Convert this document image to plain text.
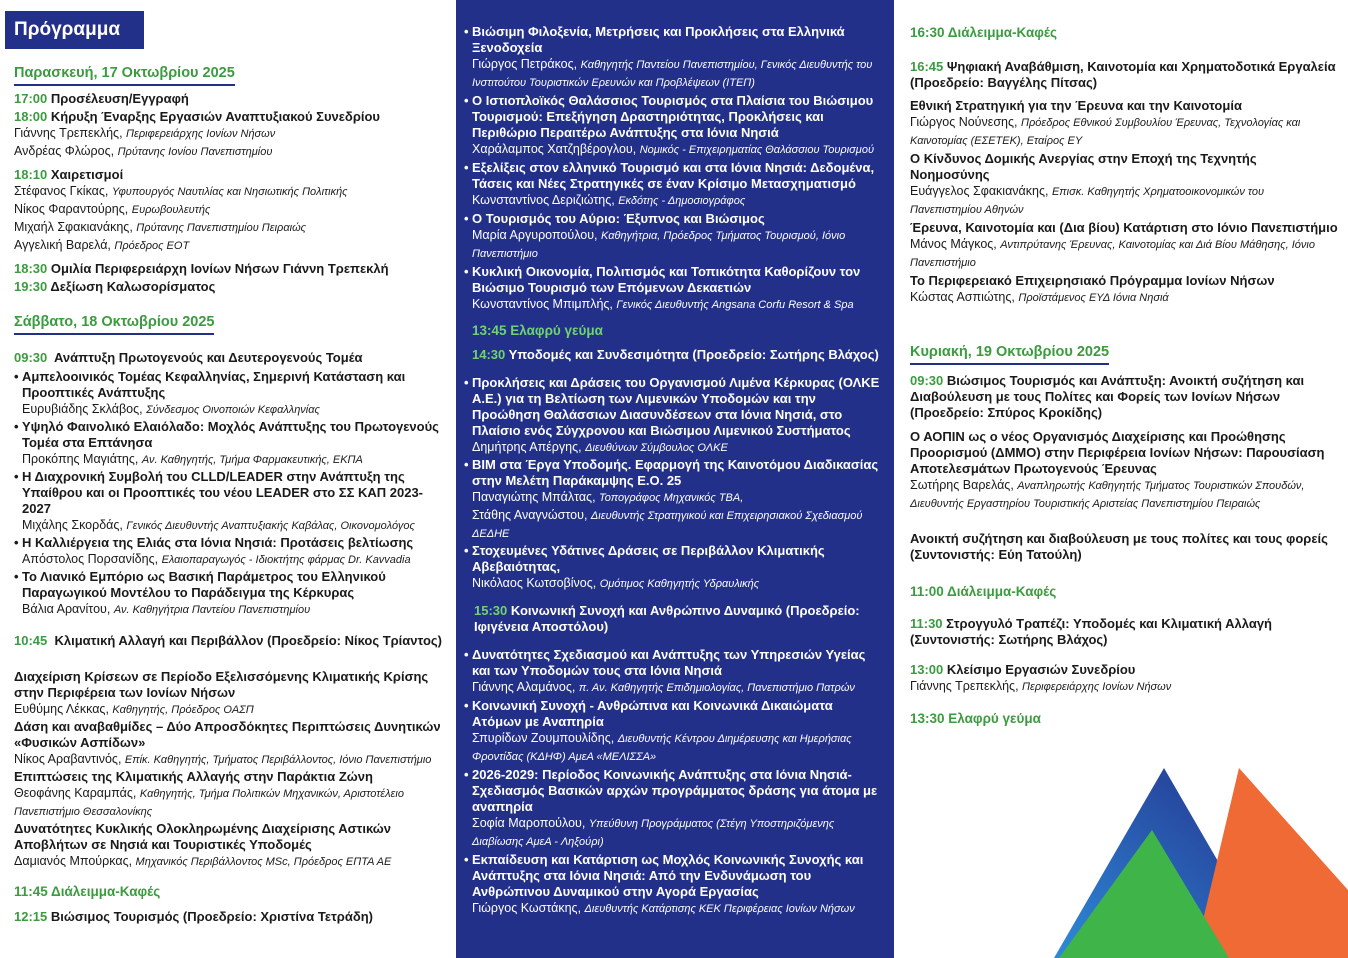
Πρόγραμμα
Παρασκευή, 17 Οκτωβρίου 2025
17:00 Προσέλευση/Εγγραφή
18:00 Κήρυξη Έναρξης Εργασιών Αναπτυξιακού Συνεδρίου
Γιάννης Τρεπεκλής, Περιφερειάρχης Ιονίων Νήσων
Ανδρέας Φλώρος, Πρύτανης Ιονίου Πανεπιστημίου
18:10 Χαιρετισμοί
Στέφανος Γκίκας, Υφυπουργός Ναυτιλίας και Νησιωτικής Πολιτικής
Νίκος Φαραντούρης, Ευρωβουλευτής
Μιχαήλ Σφακιανάκης, Πρύτανης Πανεπιστημίου Πειραιώς
Αγγελική Βαρελά, Πρόεδρος ΕΟΤ
18:30 Ομιλία Περιφερειάρχη Ιονίων Νήσων Γιάννη Τρεπεκλή
19:30 Δεξίωση Καλωσορίσματος
Σάββατο, 18 Οκτωβρίου 2025
09:30 Ανάπτυξη Πρωτογενούς και Δευτερογενούς Τομέα
• Αμπελοοινικός Τομέας Κεφαλληνίας, Σημερινή Κατάσταση και Προοπτικές Ανάπτυξης
Ευρυβιάδης Σκλάβος, Σύνδεσμος Οινοποιών Κεφαλληνίας
• Υψηλό Φαινολικό Ελαιόλαδο: Μοχλός Ανάπτυξης του Πρωτογενούς Τομέα στα Επτάνησα
Προκόπης Μαγιάτης, Αν. Καθηγητής, Τμήμα Φαρμακευτικής, ΕΚΠΑ
• Η Διαχρονική Συμβολή του CLLD/LEADER στην Ανάπτυξη της Υπαίθρου και οι Προοπτικές του νέου LEADER στο ΣΣ ΚΑΠ 2023-2027
Μιχάλης Σκορδάς, Γενικός Διευθυντής Αναπτυξιακής Καβάλας, Οικονομολόγος
• Η Καλλιέργεια της Ελιάς στα Ιόνια Νησιά: Προτάσεις βελτίωσης
Απόστολος Πορσανίδης, Ελαιοπαραγωγός - Ιδιοκτήτης φάρμας Dr. Kavvadia
• Το Λιανικό Εμπόριο ως Βασική Παράμετρος του Ελληνικού Παραγωγικού Μοντέλου το Παράδειγμα της Κέρκυρας
Βάλια Αρανίτου, Αν. Καθηγήτρια Παντείου Πανεπιστημίου
10:45 Κλιματική Αλλαγή και Περιβάλλον (Προεδρείο: Νίκος Τρίαντος)
Διαχείριση Κρίσεων σε Περίοδο Εξελισσόμενης Κλιματικής Κρίσης στην Περιφέρεια των Ιονίων Νήσων
Ευθύμης Λέκκας, Καθηγητής, Πρόεδρος ΟΑΣΠ
Δάση και αναβαθμίδες – Δύο Απροσδόκητες Περιπτώσεις Δυνητικών «Φυσικών Ασπίδων»
Νίκος Αραβαντινός, Επίκ. Καθηγητής, Τμήματος Περιβάλλοντος, Ιόνιο Πανεπιστήμιο
Επιπτώσεις της Κλιματικής Αλλαγής στην Παράκτια Ζώνη
Θεοφάνης Καραμπάς, Καθηγητής, Τμήμα Πολιτικών Μηχανικών, Αριστοτέλειο Πανεπιστήμιο Θεσσαλονίκης
Δυνατότητες Κυκλικής Ολοκληρωμένης Διαχείρισης Αστικών Αποβλήτων σε Νησιά και Τουριστικές Υποδομές
Δαμιανός Μπούρκας, Μηχανικός Περιβάλλοντος MSc, Πρόεδρος ΕΠΤΑ ΑΕ
11:45 Διάλειμμα-Καφές
12:15 Βιώσιμος Τουρισμός (Προεδρείο: Χριστίνα Τετράδη)
• Βιώσιμη Φιλοξενία, Μετρήσεις και Προκλήσεις στα Ελληνικά Ξενοδοχεία
Γιώργος Πετράκος, Καθηγητής Παντείου Πανεπιστημίου, Γενικός Διευθυντής του Ινστιτούτου Τουριστικών Ερευνών και Προβλέψεων (ΙΤΕΠ)
• Ο Ιστιοπλοϊκός Θαλάσσιος Τουρισμός στα Πλαίσια του Βιώσιμου Τουρισμού: Επεξήγηση Δραστηριότητας, Προκλήσεις και Περιθώριο Περαιτέρω Ανάπτυξης στα Ιόνια Νησιά
Χαράλαμπος Χατζηβέρογλου, Νομικός - Επιχειρηματίας Θαλάσσιου Τουρισμού
• Εξελίξεις στον ελληνικό Τουρισμό και στα Ιόνια Νησιά: Δεδομένα, Τάσεις και Νέες Στρατηγικές σε έναν Κρίσιμο Μετασχηματισμό
Κωνσταντίνος Δεριζιώτης, Εκδότης - Δημοσιογράφος
• Ο Τουρισμός του Αύριο: Έξυπνος και Βιώσιμος
Μαρία Αργυροπούλου, Καθηγήτρια, Πρόεδρος Τμήματος Τουρισμού, Ιόνιο Πανεπιστήμιο
• Κυκλική Οικονομία, Πολιτισμός και Τοπικότητα Καθορίζουν τον Βιώσιμο Τουρισμό των Επόμενων Δεκαετιών
Κωνσταντίνος Μπιμπλής, Γενικός Διευθυντής Angsana Corfu Resort & Spa
13:45 Ελαφρύ γεύμα
14:30 Υποδομές και Συνδεσιμότητα (Προεδρείο: Σωτήρης Βλάχος)
• Προκλήσεις και Δράσεις του Οργανισμού Λιμένα Κέρκυρας (ΟΛΚΕ Α.Ε.) για τη Βελτίωση των Λιμενικών Υποδομών και την Προώθηση Θαλάσσιων Διασυνδέσεων στα Ιόνια Νησιά, στο Πλαίσιο ενός Σύγχρονου και Βιώσιμου Λιμενικού Συστήματος
Δημήτρης Απέργης, Διευθύνων Σύμβουλος ΟΛΚΕ
• BIM στα Έργα Υποδομής. Εφαρμογή της Καινοτόμου Διαδικασίας στην Μελέτη Παράκαμψης Ε.Ο. 25
Παναγιώτης Μπάλτας, Τοπογράφος Μηχανικός ΤΒΑ,
Στάθης Αναγνώστου, Διευθυντής Στρατηγικού και Επιχειρησιακού Σχεδιασμού ΔΕΔΗΕ
• Στοχευμένες Υδάτινες Δράσεις σε Περιβάλλον Κλιματικής Αβεβαιότητας,
Νικόλαος Κωτσοβίνος, Ομότιμος Καθηγητής Υδραυλικής
15:30 Κοινωνική Συνοχή και Ανθρώπινο Δυναμικό (Προεδρείο: Ιφιγένεια Αποστόλου)
• Δυνατότητες Σχεδιασμού και Ανάπτυξης των Υπηρεσιών Υγείας και των Υποδομών τους στα Ιόνια Νησιά
Γιάννης Αλαμάνος, π. Αν. Καθηγητής Επιδημιολογίας, Πανεπιστήμιο Πατρών
• Κοινωνική Συνοχή - Ανθρώπινα και Κοινωνικά Δικαιώματα Ατόμων με Αναπηρία
Σπυρίδων Ζουμπουλίδης, Διευθυντής Κέντρου Διημέρευσης και Ημερήσιας Φροντίδας (ΚΔΗΦ) ΑμεΑ «ΜΕΛΙΣΣΑ»
• 2026-2029: Περίοδος Κοινωνικής Ανάπτυξης στα Ιόνια Νησιά- Σχεδιασμός Βασικών αρχών προγράμματος δράσης για άτομα με αναπηρία
Σοφία Μαροπούλου, Υπεύθυνη Προγράμματος (Στέγη Υποστηριζόμενης Διαβίωσης ΑμεΑ - Ληξούρι)
• Εκπαίδευση και Κατάρτιση ως Μοχλός Κοινωνικής Συνοχής και Ανάπτυξης στα Ιόνια Νησιά: Από την Ενδυνάμωση του Ανθρώπινου Δυναμικού στην Αγορά Εργασίας
Γιώργος Κωστάκης, Διευθυντής Κατάρτισης ΚΕΚ Περιφέρειας Ιονίων Νήσων
16:30 Διάλειμμα-Καφές
16:45 Ψηφιακή Αναβάθμιση, Καινοτομία και Χρηματοδοτικά Εργαλεία (Προεδρείο: Βαγγέλης Πίτσας)
Εθνική Στρατηγική για την Έρευνα και την Καινοτομία
Γιώργος Νούνεσης, Πρόεδρος Εθνικού Συμβουλίου Έρευνας, Τεχνολογίας και Καινοτομίας (ΕΣΕΤΕΚ), Εταίρος ΕΥ
Ο Κίνδυνος Δομικής Ανεργίας στην Εποχή της Τεχνητής Νοημοσύνης
Ευάγγελος Σφακιανάκης, Επισκ. Καθηγητής Χρηματοοικονομικών του Πανεπιστημίου Αθηνών
Έρευνα, Καινοτομία και (Δια βίου) Κατάρτιση στο Ιόνιο Πανεπιστήμιο
Μάνος Μάγκος, Αντιπρύτανης Έρευνας, Καινοτομίας και Διά Βίου Μάθησης, Ιόνιο Πανεπιστήμιο
Το Περιφερειακό Επιχειρησιακό Πρόγραμμα Ιονίων Νήσων
Κώστας Ασπιώτης, Προϊστάμενος ΕΥΔ Ιόνια Νησιά
Κυριακή, 19 Οκτωβρίου 2025
09:30 Βιώσιμος Τουρισμός και Ανάπτυξη: Ανοικτή συζήτηση και Διαβούλευση με τους Πολίτες και Φορείς των Ιονίων Νήσων (Προεδρείο: Σπύρος Κροκίδης)
Ο ΑΟΠΙΝ ως ο νέος Οργανισμός Διαχείρισης και Προώθησης Προορισμού (ΔΜΜΟ) στην Περιφέρεια Ιονίων Νήσων: Παρουσίαση Αποτελεσμάτων Πρωτογενούς Έρευνας
Σωτήρης Βαρελάς, Αναπληρωτής Καθηγητής Τμήματος Τουριστικών Σπουδών, Διευθυντής Εργαστηρίου Τουριστικής Αριστείας Πανεπιστημίου Πειραιώς
Ανοικτή συζήτηση και διαβούλευση με τους πολίτες και τους φορείς (Συντονιστής: Εύη Τατούλη)
11:00 Διάλειμμα-Καφές
11:30 Στρογγυλό Τραπέζι: Υποδομές και Κλιματική Αλλαγή (Συντονιστής: Σωτήρης Βλάχος)
13:00 Κλείσιμο Εργασιών Συνεδρίου
Γιάννης Τρεπεκλής, Περιφερειάρχης Ιονίων Νήσων
13:30 Ελαφρύ γεύμα
